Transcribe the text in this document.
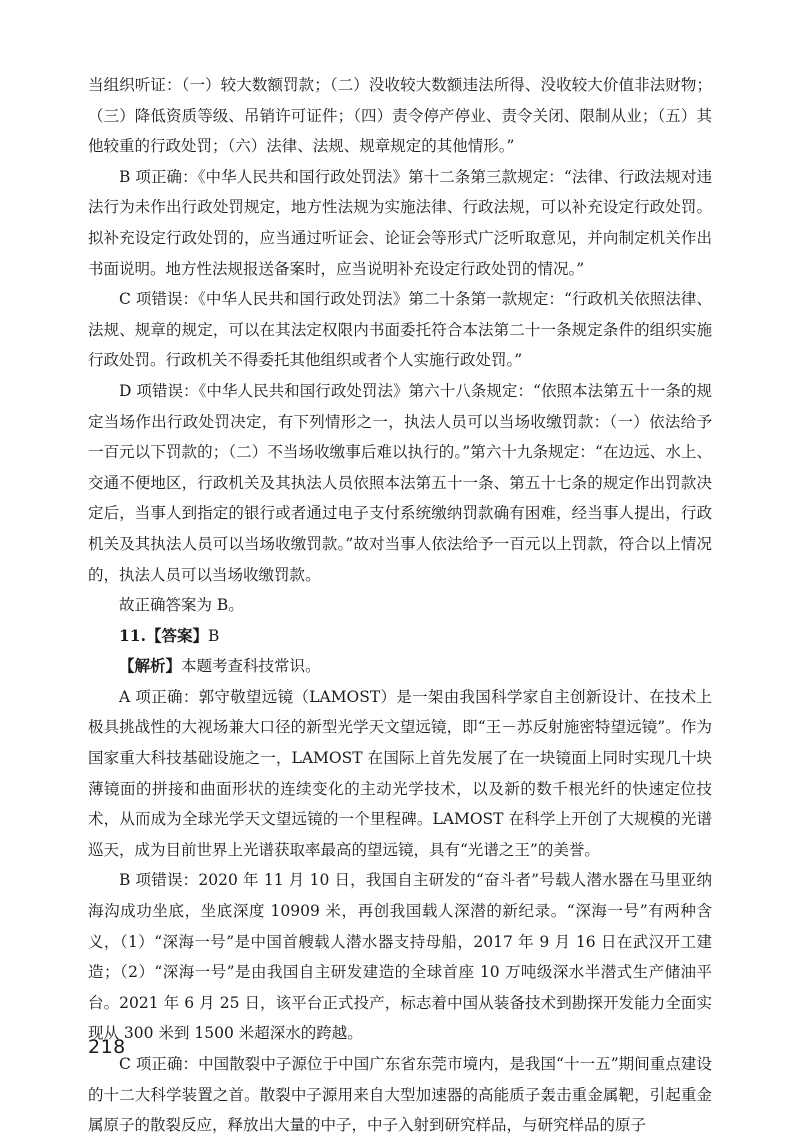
当组织听证：（一）较大数额罚款；（二）没收较大数额违法所得、没收较大价值非法财物；（三）降低资质等级、吊销许可证件；（四）责令停产停业、责令关闭、限制从业；（五）其他较重的行政处罚；（六）法律、法规、规章规定的其他情形。”

B 项正确：《中华人民共和国行政处罚法》第十二条第三款规定：“法律、行政法规对违法行为未作出行政处罚规定，地方性法规为实施法律、行政法规，可以补充设定行政处罚。拟补充设定行政处罚的，应当通过听证会、论证会等形式广泛听取意见，并向制定机关作出书面说明。地方性法规报送备案时，应当说明补充设定行政处罚的情况。”

C 项错误：《中华人民共和国行政处罚法》第二十条第一款规定：“行政机关依照法律、法规、规章的规定，可以在其法定权限内书面委托符合本法第二十一条规定条件的组织实施行政处罚。行政机关不得委托其他组织或者个人实施行政处罚。”

D 项错误：《中华人民共和国行政处罚法》第六十八条规定：“依照本法第五十一条的规定当场作出行政处罚决定，有下列情形之一，执法人员可以当场收缴罚款：（一）依法给予一百元以下罚款的；（二）不当场收缴事后难以执行的。”第六十九条规定：“在边远、水上、交通不便地区，行政机关及其执法人员依照本法第五十一条、第五十七条的规定作出罚款决定后，当事人到指定的银行或者通过电子支付系统缴纳罚款确有困难，经当事人提出，行政机关及其执法人员可以当场收缴罚款。”故对当事人依法给予一百元以上罚款，符合以上情况的，执法人员可以当场收缴罚款。

故正确答案为 B。

11.【答案】B

【解析】本题考查科技常识。

A 项正确：郭守敬望远镜（LAMOST）是一架由我国科学家自主创新设计、在技术上极具挑战性的大视场兼大口径的新型光学天文望远镜，即“王－苏反射施密特望远镜”。作为国家重大科技基础设施之一，LAMOST 在国际上首先发展了在一块镜面上同时实现几十块薄镜面的拼接和曲面形状的连续变化的主动光学技术，以及新的数千根光纤的快速定位技术，从而成为全球光学天文望远镜的一个里程碑。LAMOST 在科学上开创了大规模的光谱巡天，成为目前世界上光谱获取率最高的望远镜，具有“光谱之王”的美誉。

B 项错误：2020 年 11 月 10 日，我国自主研发的“奋斗者”号载人潜水器在马里亚纳海沟成功坐底，坐底深度 10909 米，再创我国载人深潜的新纪录。“深海一号”有两种含义，（1）“深海一号”是中国首艘载人潜水器支持母船，2017 年 9 月 16 日在武汉开工建造；（2）“深海一号”是由我国自主研发建造的全球首座 10 万吨级深水半潜式生产储油平台。2021 年 6 月 25 日，该平台正式投产，标志着中国从装备技术到勘探开发能力全面实现从 300 米到 1500 米超深水的跨越。

C 项正确：中国散裂中子源位于中国广东省东莞市境内，是我国“十一五”期间重点建设的十二大科学装置之首。散裂中子源用来自大型加速器的高能质子轰击重金属靶，引起重金属原子的散裂反应，释放出大量的中子，中子入射到研究样品，与研究样品的原子

218
